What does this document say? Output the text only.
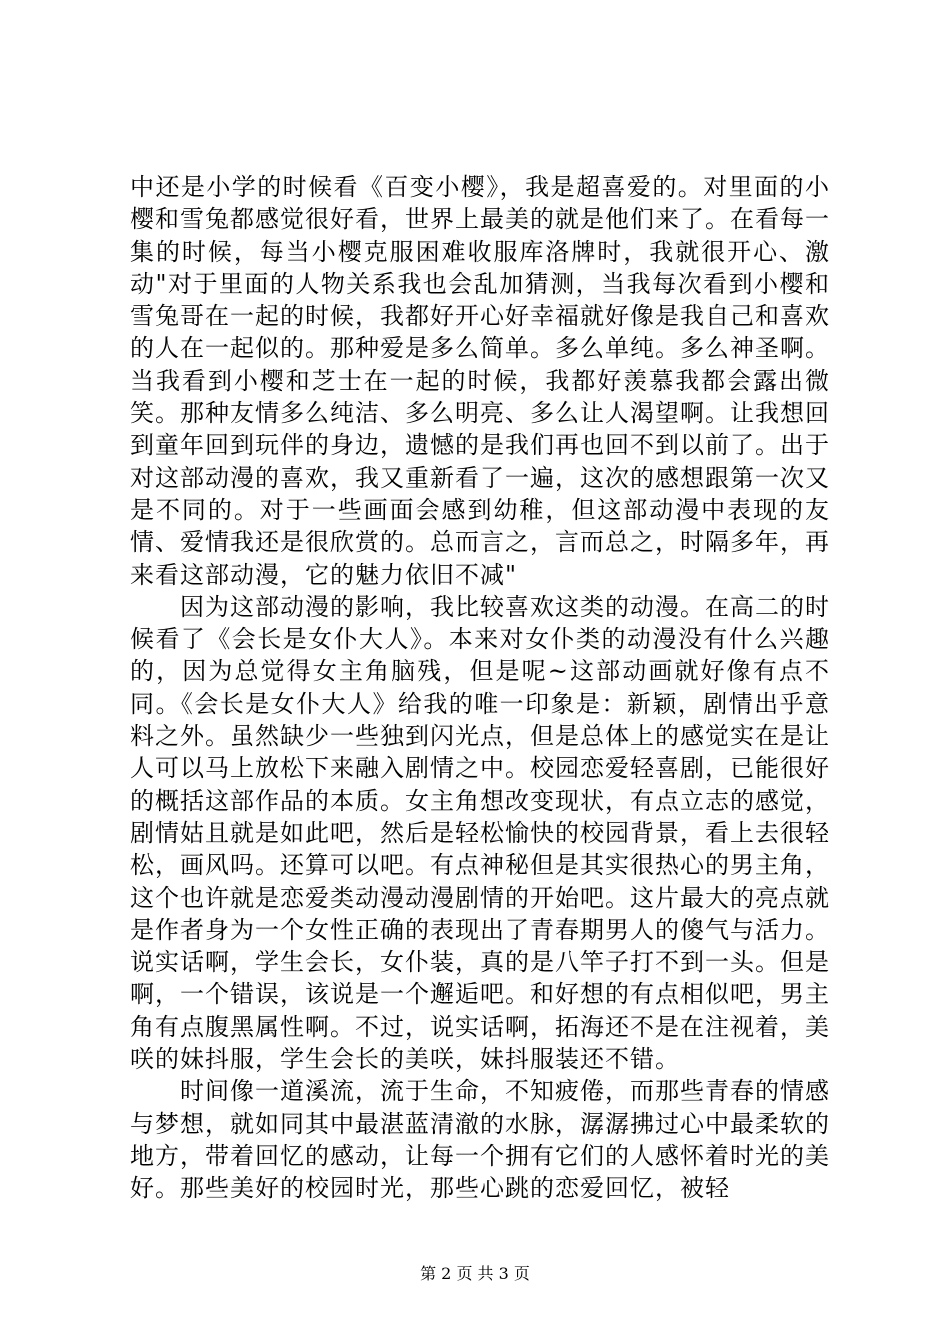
中还是小学的时候看《百变小樱》，我是超喜爱的。对里面的小樱和雪兔都感觉很好看，世界上最美的就是他们来了。在看每一集的时候，每当小樱克服困难收服库洛牌时，我就很开心、激动"对于里面的人物关系我也会乱加猜测，当我每次看到小樱和雪兔哥在一起的时候，我都好开心好幸福就好像是我自己和喜欢的人在一起似的。那种爱是多么简单。多么单纯。多么神圣啊。当我看到小樱和芝士在一起的时候，我都好羡慕我都会露出微笑。那种友情多么纯洁、多么明亮、多么让人渴望啊。让我想回到童年回到玩伴的身边，遗憾的是我们再也回不到以前了。出于对这部动漫的喜欢，我又重新看了一遍，这次的感想跟第一次又是不同的。对于一些画面会感到幼稚，但这部动漫中表现的友情、爱情我还是很欣赏的。总而言之，言而总之，时隔多年，再来看这部动漫，它的魅力依旧不减"

因为这部动漫的影响，我比较喜欢这类的动漫。在高二的时候看了《会长是女仆大人》。本来对女仆类的动漫没有什么兴趣的，因为总觉得女主角脑残，但是呢~这部动画就好像有点不同。《会长是女仆大人》给我的唯一印象是：新颖，剧情出乎意料之外。虽然缺少一些独到闪光点，但是总体上的感觉实在是让人可以马上放松下来融入剧情之中。校园恋爱轻喜剧，已能很好的概括这部作品的本质。女主角想改变现状，有点立志的感觉，剧情姑且就是如此吧，然后是轻松愉快的校园背景，看上去很轻松，画风吗。还算可以吧。有点神秘但是其实很热心的男主角，这个也许就是恋爱类动漫动漫剧情的开始吧。这片最大的亮点就是作者身为一个女性正确的表现出了青春期男人的傻气与活力。说实话啊，学生会长，女仆装，真的是八竿子打不到一头。但是啊，一个错误，该说是一个邂逅吧。和好想的有点相似吧，男主角有点腹黑属性啊。不过，说实话啊，拓海还不是在注视着，美咲的妹抖服，学生会长的美咲，妹抖服装还不错。

时间像一道溪流，流于生命，不知疲倦，而那些青春的情感与梦想，就如同其中最湛蓝清澈的水脉，潺潺拂过心中最柔软的地方，带着回忆的感动，让每一个拥有它们的人感怀着时光的美好。那些美好的校园时光，那些心跳的恋爱回忆，被轻

第 2 页 共 3 页
